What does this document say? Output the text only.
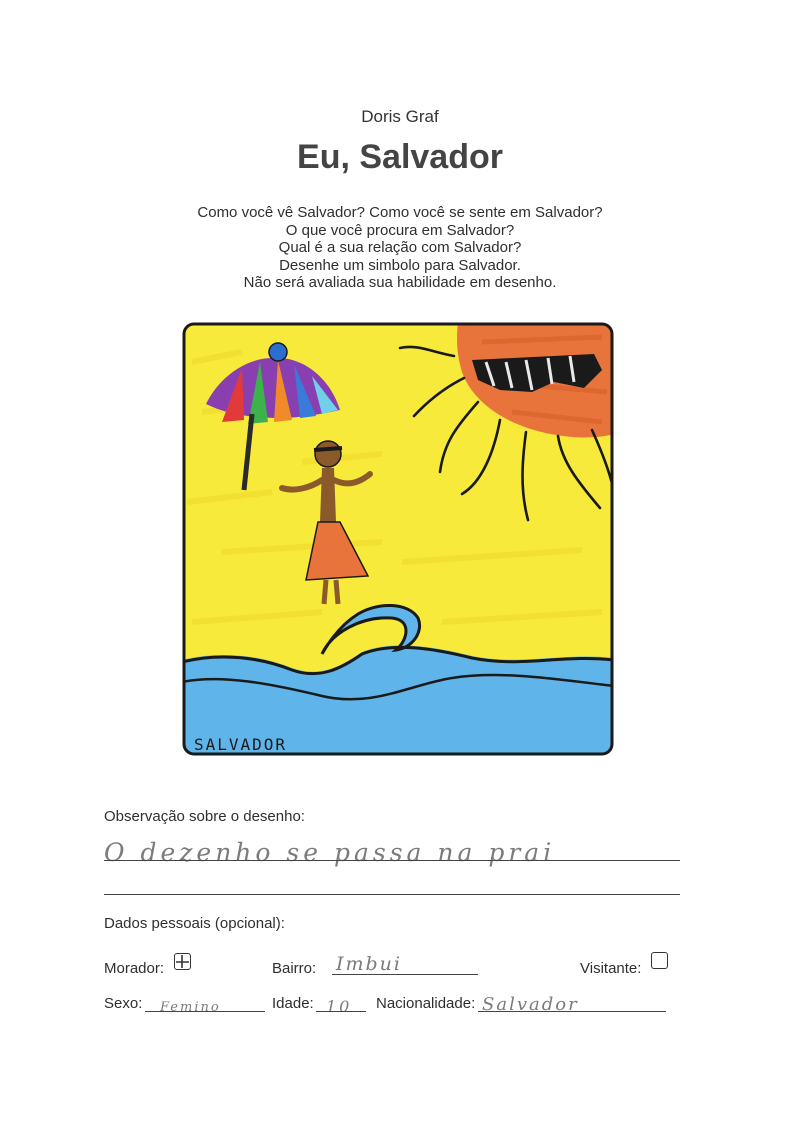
Doris Graf
Eu, Salvador
Como você vê Salvador? Como você se sente em Salvador?
O que você procura em Salvador?
Qual é a sua relação com Salvador?
Desenhe um simbolo para Salvador.
Não será avaliada sua habilidade em desenho.
SALVADOR
Observação sobre o desenho:
O dezenho se passa na prai
Dados pessoais (opcional):
Morador:	Bairro: Imbui	Visitante:
Sexo: Femino	Idade: 10 Nacionalidade: Salvador
